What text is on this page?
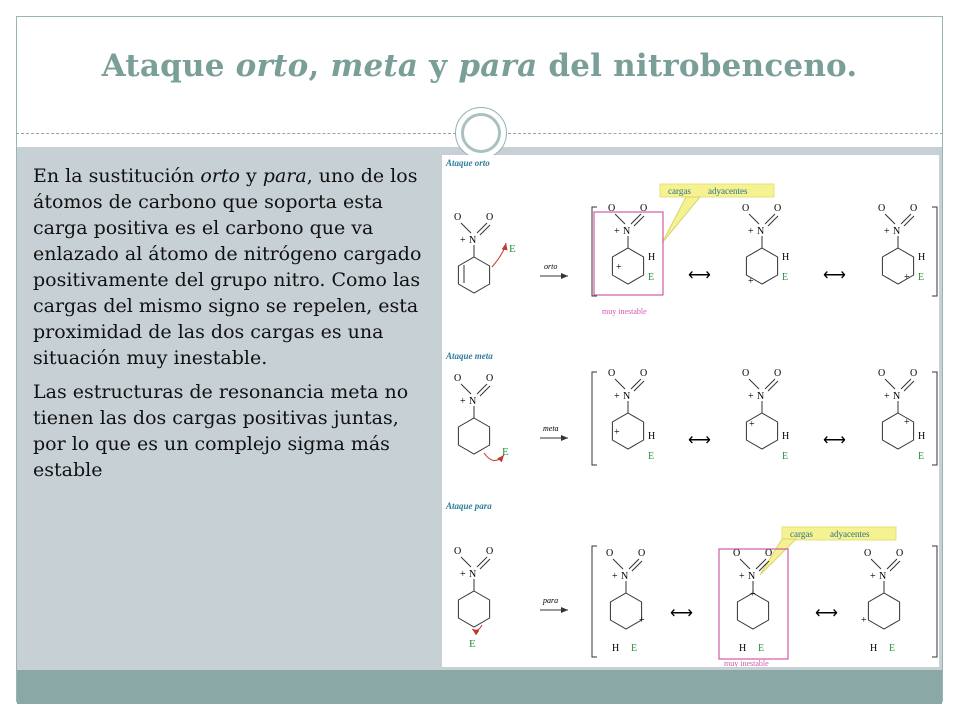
Ataque orto, meta y para del nitrobenceno.

En la sustitución orto y para, uno de los átomos de carbono que soporta esta carga positiva es el carbono que va enlazado al átomo de nitrógeno cargado positivamente del grupo nitro. Como las cargas del mismo signo se repelen, esta proximidad de las dos cargas es una situación muy inestable.

Las estructuras de resonancia meta no tienen las dos cargas positivas juntas, por lo que es un complejo sigma más estable

Ataque orto
cargas adyacentes
O O
+ N
E
orto
muy inestable
O O
+ N
+
H
E ⟷
O O
+ N
+
H
E ⟷
O O
+ N
+
H
E
Ataque meta
O O
+ N
E
meta
O O
+ N
+	H
E
⟷
O O
+ N
+
H
E
⟷
O O
+ N
+
H
E
Ataque para
cargas adyacentes
O O
+ N
E
para
muy inestable
O O
+ N
+
H E
⟷
O O
+ N
+
H E
⟷
O O
+ N
+
H E
